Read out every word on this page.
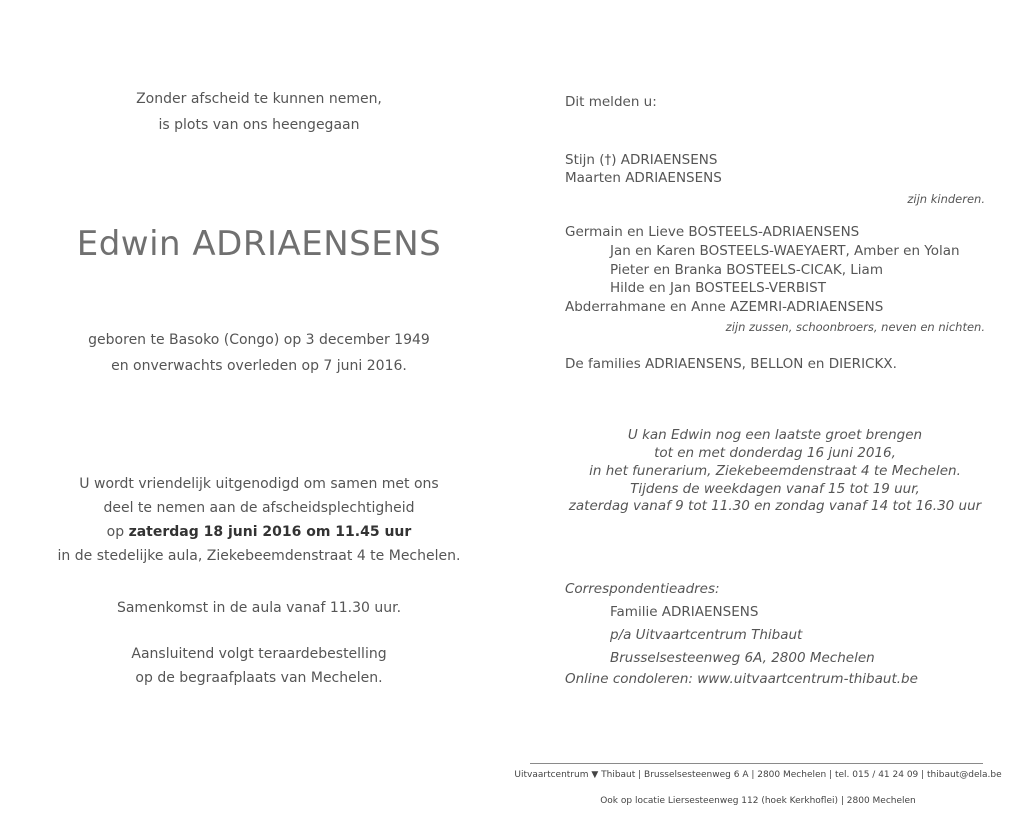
Zonder afscheid te kunnen nemen,
is plots van ons heengegaan
Edwin ADRIAENSENS
geboren te Basoko (Congo) op 3 december 1949
en onverwachts overleden op 7 juni 2016.
U wordt vriendelijk uitgenodigd om samen met ons
deel te nemen aan de afscheidsplechtigheid
op zaterdag 18 juni 2016 om 11.45 uur
in de stedelijke aula, Ziekebeemdenstraat 4 te Mechelen.
Samenkomst in de aula vanaf 11.30 uur.
Aansluitend volgt teraardebestelling
op de begraafplaats van Mechelen.
Dit melden u:
Stijn (†) ADRIAENSENS
Maarten ADRIAENSENS
zijn kinderen.
Germain en Lieve BOSTEELS-ADRIAENSENS
Jan en Karen BOSTEELS-WAEYAERT, Amber en Yolan
Pieter en Branka BOSTEELS-CICAK, Liam
Hilde en Jan BOSTEELS-VERBIST
Abderrahmane en Anne AZEMRI-ADRIAENSENS
zijn zussen, schoonbroers, neven en nichten.
De families ADRIAENSENS, BELLON en DIERICKX.
U kan Edwin nog een laatste groet brengen
tot en met donderdag 16 juni 2016,
in het funerarium, Ziekebeemdenstraat 4 te Mechelen.
Tijdens de weekdagen vanaf 15 tot 19 uur,
zaterdag vanaf 9 tot 11.30 en zondag vanaf 14 tot 16.30 uur
Correspondentieadres:
Familie ADRIAENSENS
p/a Uitvaartcentrum Thibaut
Brusselsesteenweg 6A, 2800 Mechelen
Online condoleren: www.uitvaartcentrum-thibaut.be
Uitvaartcentrum ▼ Thibaut | Brusselsesteenweg 6 A | 2800 Mechelen | tel. 015 / 41 24 09 | thibaut@dela.be
Ook op locatie Liersesteenweg 112 (hoek Kerkhoflei) | 2800 Mechelen
